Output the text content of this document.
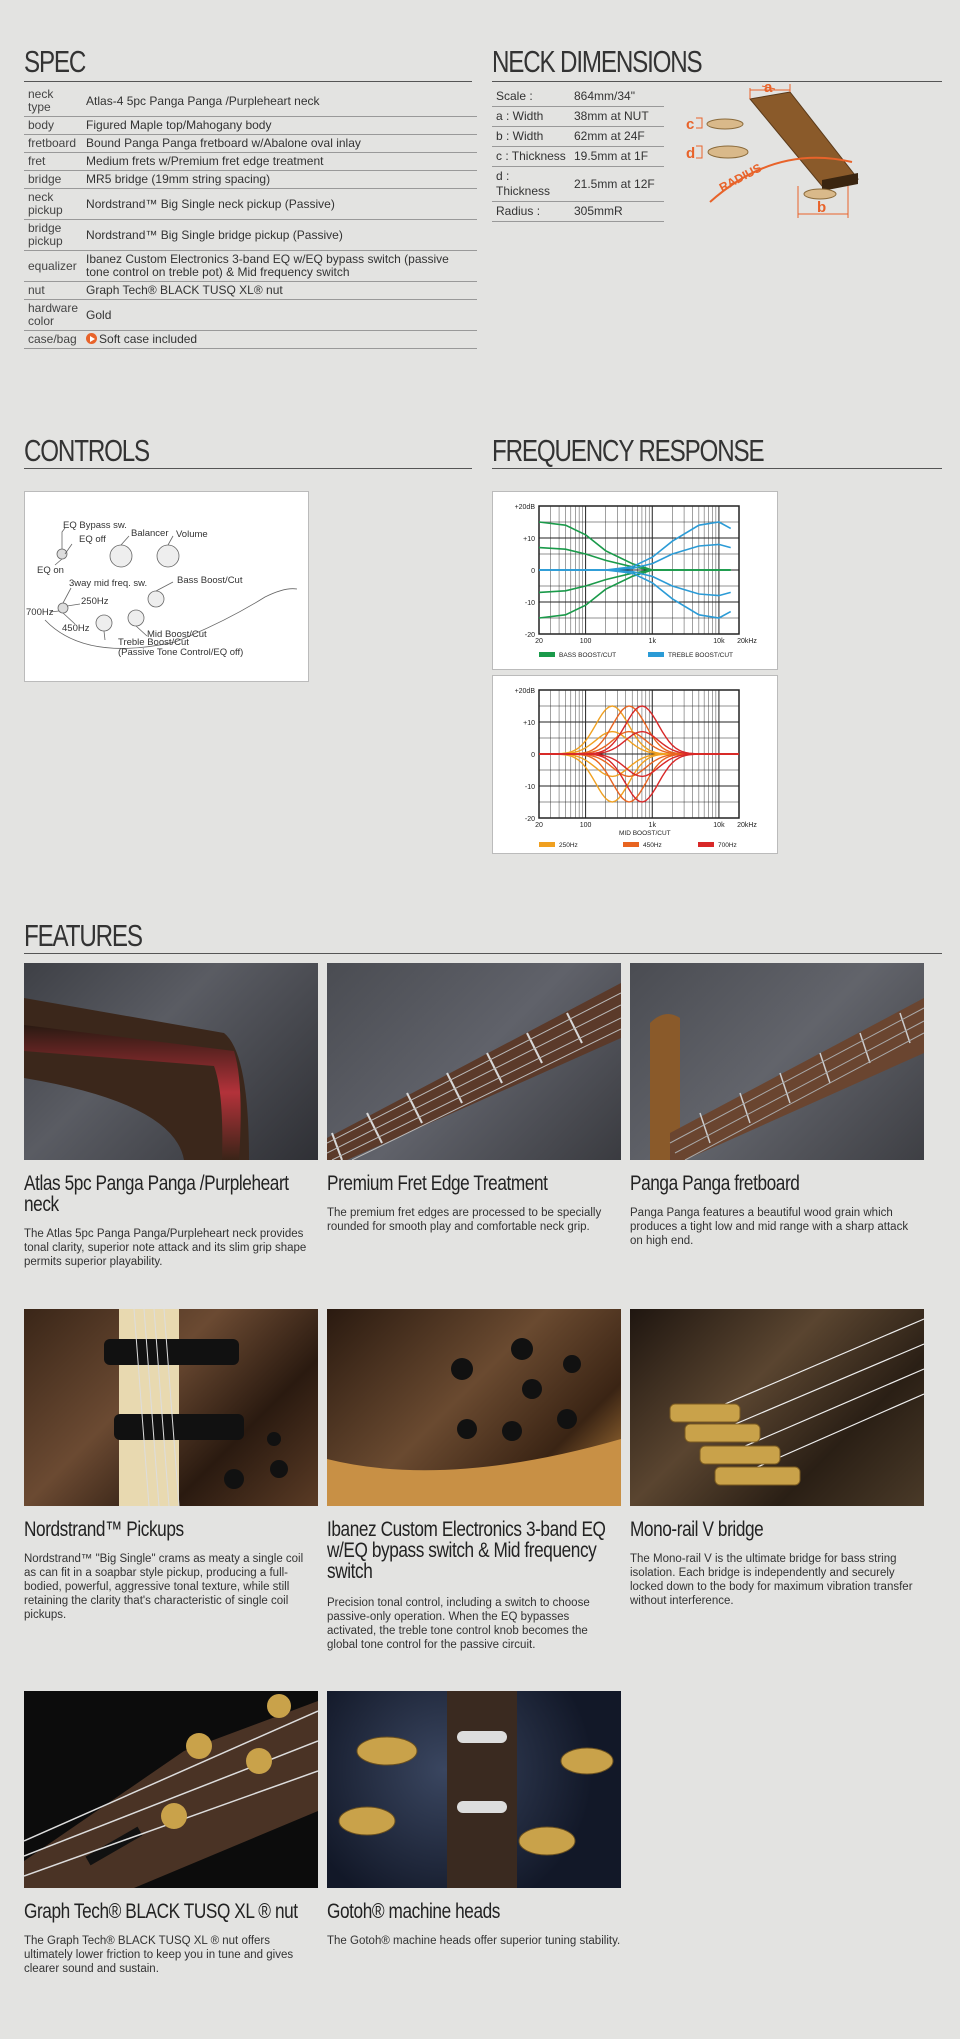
SPEC
neck type	Atlas-4 5pc Panga Panga /Purpleheart neck
body	Figured Maple top/Mahogany body
fretboard	Bound Panga Panga fretboard w/Abalone oval inlay
fret	Medium frets w/Premium fret edge treatment
bridge	MR5 bridge (19mm string spacing)
neck pickup	Nordstrand™ Big Single neck pickup (Passive)
bridge pickup	Nordstrand™ Big Single bridge pickup (Passive)
equalizer	Ibanez Custom Electronics 3-band EQ w/EQ bypass switch (passive tone control on treble pot) & Mid frequency switch
nut	Graph Tech® BLACK TUSQ XL® nut
hardware color	Gold
case/bag	Soft case included
NECK DIMENSIONS
Scale :	864mm/34"
a : Width	38mm at NUT
b : Width	62mm at 24F
c : Thickness	19.5mm at 1F
d : Thickness	21.5mm at 12F
Radius :	305mmR
a
c
d
RADIUS
b
CONTROLS
EQ Bypass sw.
EQ off
EQ on
Balancer Volume
3way mid freq. sw.
250Hz
700Hz
450Hz
Bass Boost/Cut
Mid Boost/Cut
Treble Boost/Cut
(Passive Tone Control/EQ off)
FREQUENCY RESPONSE
+20dB
+10
0
-10
-20
20	100	1k	10k 20kHz
BASS BOOST/CUT	TREBLE BOOST/CUT
+20dB
+10
0
-10
-20
20	100	1k	10k 20kHz
MID BOOST/CUT
250Hz	450Hz	700Hz
FEATURES
Atlas 5pc Panga Panga /Purpleheart neck
The Atlas 5pc Panga Panga/Purpleheart neck provides tonal clarity, superior note attack and its slim grip shape permits superior playability.
Premium Fret Edge Treatment
The premium fret edges are processed to be specially rounded for smooth play and comfortable neck grip.
Panga Panga fretboard
Panga Panga features a beautiful wood grain which produces a tight low and mid range with a sharp attack on high end.
Nordstrand™ Pickups
Nordstrand™ "Big Single" crams as meaty a single coil as can fit in a soapbar style pickup, producing a full-bodied, powerful, aggressive tonal texture, while still retaining the clarity that's characteristic of single coil pickups.
Ibanez Custom Electronics 3-band EQ w/EQ bypass switch & Mid frequency switch
Precision tonal control, including a switch to choose passive-only operation. When the EQ bypasses activated, the treble tone control knob becomes the global tone control for the passive circuit.
Mono-rail V bridge
The Mono-rail V is the ultimate bridge for bass string isolation. Each bridge is independently and securely locked down to the body for maximum vibration transfer without interference.
Graph Tech® BLACK TUSQ XL ® nut
The Graph Tech® BLACK TUSQ XL ® nut offers ultimately lower friction to keep you in tune and gives clearer sound and sustain.
Gotoh® machine heads
The Gotoh® machine heads offer superior tuning stability.
